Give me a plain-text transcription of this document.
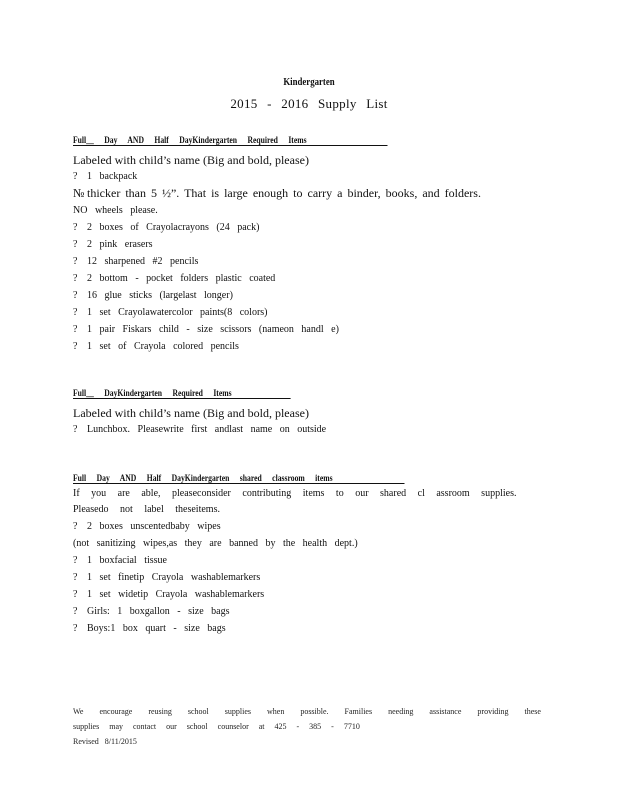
Kindergarten
2015 - 2016 Supply List
Full__ Day AND Half DayKindergarten Required Items
Labeled with child’s name (Big and bold, please)
? 1 backpack
№ thicker than 5 ½”. That is large enough to carry a binder, books, and folders.
NO wheels please.
? 2 boxes of Crayolacrayons (24 pack)
? 2 pink erasers
? 12 sharpened #2 pencils
? 2 bottom - pocket folders plastic coated
? 16 glue sticks (largelast longer)
? 1 set Crayolawatercolor paints(8 colors)
? 1 pair Fiskars child - size scissors (nameon handl e)
? 1 set of Crayola colored pencils
Full__ DayKindergarten Required Items
Labeled with child’s name (Big and bold, please)
? Lunchbox. Pleasewrite first andlast name on outside
Full Day AND Half DayKindergarten shared classroom items
If you are able, pleaseconsider contributing items to our shared cl assroom supplies. Pleasedo not label theseitems.
? 2 boxes unscentedbaby wipes
(not sanitizing wipes,as they are banned by the health dept.)
? 1 boxfacial tissue
? 1 set finetip Crayola washablemarkers
? 1 set widetip Crayola washablemarkers
? Girls: 1 boxgallon - size bags
? Boys:1 box quart - size bags
We encourage reusing school supplies when possible. Families needing assistance providing these
supplies may contact our school counselor at 425 - 385 - 7710
Revised 8/11/2015
